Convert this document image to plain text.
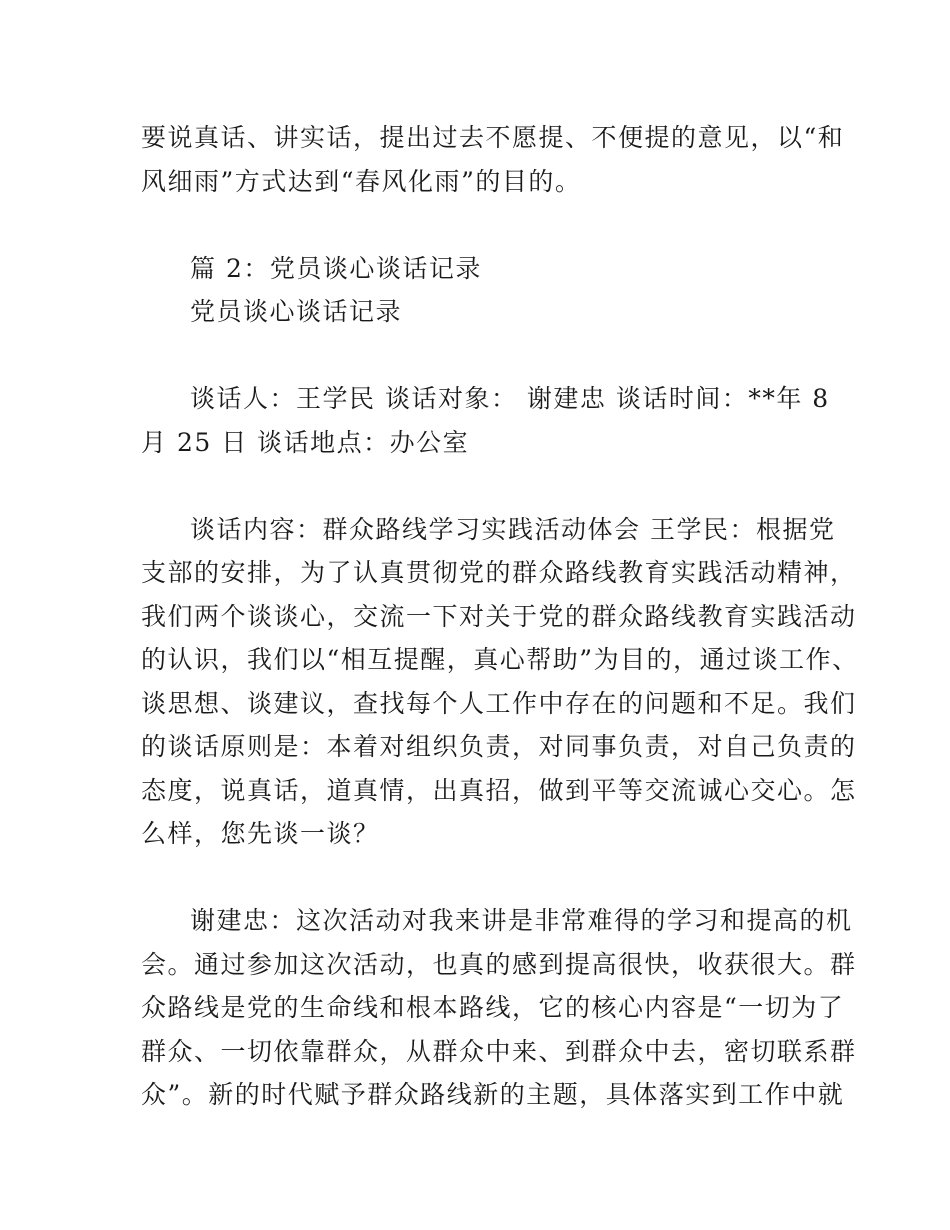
要说真话、讲实话，提出过去不愿提、不便提的意见，以“和
风细雨”方式达到“春风化雨”的目的。
篇 2：党员谈心谈话记录
党员谈心谈话记录
谈话人：王学民 谈话对象： 谢建忠 谈话时间：**年 8
月 25 日 谈话地点：办公室
谈话内容：群众路线学习实践活动体会 王学民：根据党
支部的安排，为了认真贯彻党的群众路线教育实践活动精神，
我们两个谈谈心，交流一下对关于党的群众路线教育实践活动
的认识，我们以“相互提醒，真心帮助”为目的，通过谈工作、
谈思想、谈建议，查找每个人工作中存在的问题和不足。我们
的谈话原则是：本着对组织负责，对同事负责，对自己负责的
态度，说真话，道真情，出真招，做到平等交流诚心交心。怎
么样，您先谈一谈？
谢建忠：这次活动对我来讲是非常难得的学习和提高的机
会。通过参加这次活动，也真的感到提高很快，收获很大。群
众路线是党的生命线和根本路线，它的核心内容是“一切为了
群众、一切依靠群众，从群众中来、到群众中去，密切联系群
众”。新的时代赋予群众路线新的主题，具体落实到工作中就
